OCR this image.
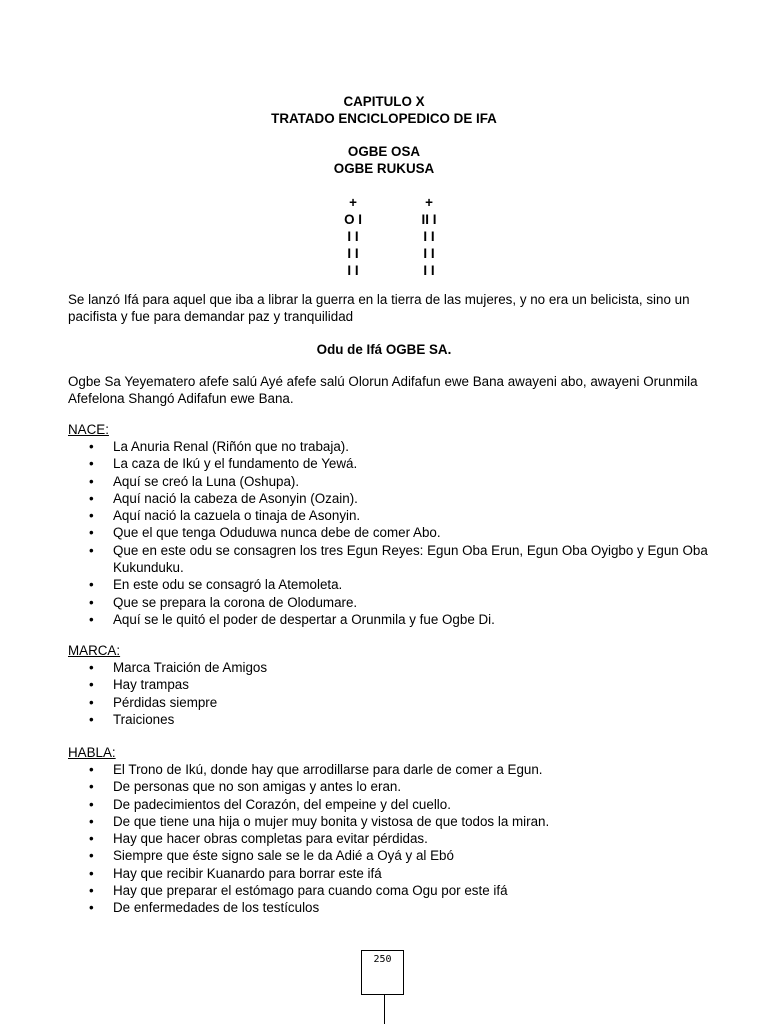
CAPITULO X
TRATADO ENCICLOPEDICO DE IFA
OGBE OSA
OGBE RUKUSA
+
O I
I I
I I
I I
+
II I
I I
I I
I I
Se lanzó Ifá para aquel que iba a librar la guerra en la tierra de las mujeres, y no era un belicista, sino un pacifista y fue para demandar paz y tranquilidad
Odu de Ifá OGBE SA.
Ogbe Sa Yeyematero afefe salú Ayé afefe salú Olorun Adifafun ewe Bana awayeni abo, awayeni Orunmila Afefelona Shangó Adifafun ewe Bana.
NACE:
• La Anuria Renal (Riñón que no trabaja).
• La caza de Ikú y el fundamento de Yewá.
• Aquí se creó la Luna (Oshupa).
• Aquí nació la cabeza de Asonyin (Ozain).
• Aquí nació la cazuela o tinaja de Asonyin.
• Que el que tenga Oduduwa nunca debe de comer Abo.
• Que en este odu se consagren los tres Egun Reyes: Egun Oba Erun, Egun Oba Oyigbo y Egun Oba Kukunduku.
• En este odu se consagró la Atemoleta.
• Que se prepara la corona de Olodumare.
• Aquí se le quitó el poder de despertar a Orunmila y fue Ogbe Di.
MARCA:
• Marca Traición de Amigos
• Hay trampas
• Pérdidas siempre
• Traiciones
HABLA:
• El Trono de Ikú, donde hay que arrodillarse para darle de comer a Egun.
• De personas que no son amigas y antes lo eran.
• De padecimientos del Corazón, del empeine y del cuello.
• De que tiene una hija o mujer muy bonita y vistosa de que todos la miran.
• Hay que hacer obras completas para evitar pérdidas.
• Siempre que éste signo sale se le da Adié a Oyá y al Ebó
• Hay que recibir Kuanardo para borrar este ifá
• Hay que preparar el estómago para cuando coma Ogu por este ifá
• De enfermedades de los testículos
250
